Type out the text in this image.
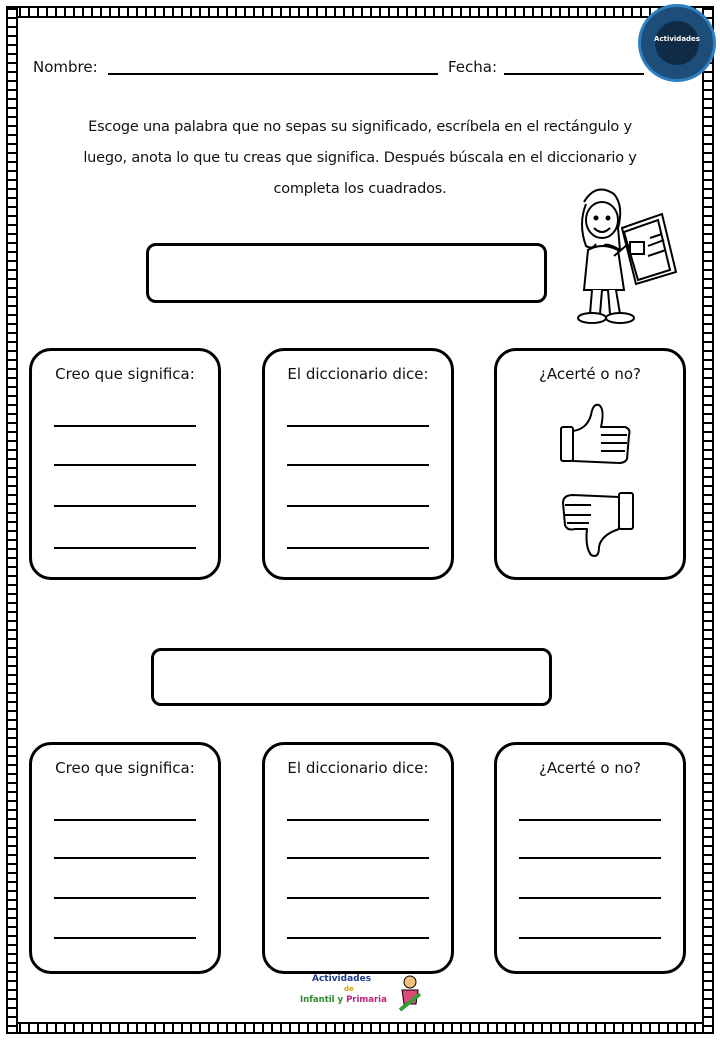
Actividades
Nombre:	Fecha:
Escoge una palabra que no sepas su significado, escríbela en el rectángulo y
luego, anota lo que tu creas que significa. Después búscala en el diccionario y
completa los cuadrados.
Creo que significa:	El diccionario dice:	¿Acerté o no?
Creo que significa:	El diccionario dice:	¿Acerté o no?
Actividades
de
Infantil y Primaria
